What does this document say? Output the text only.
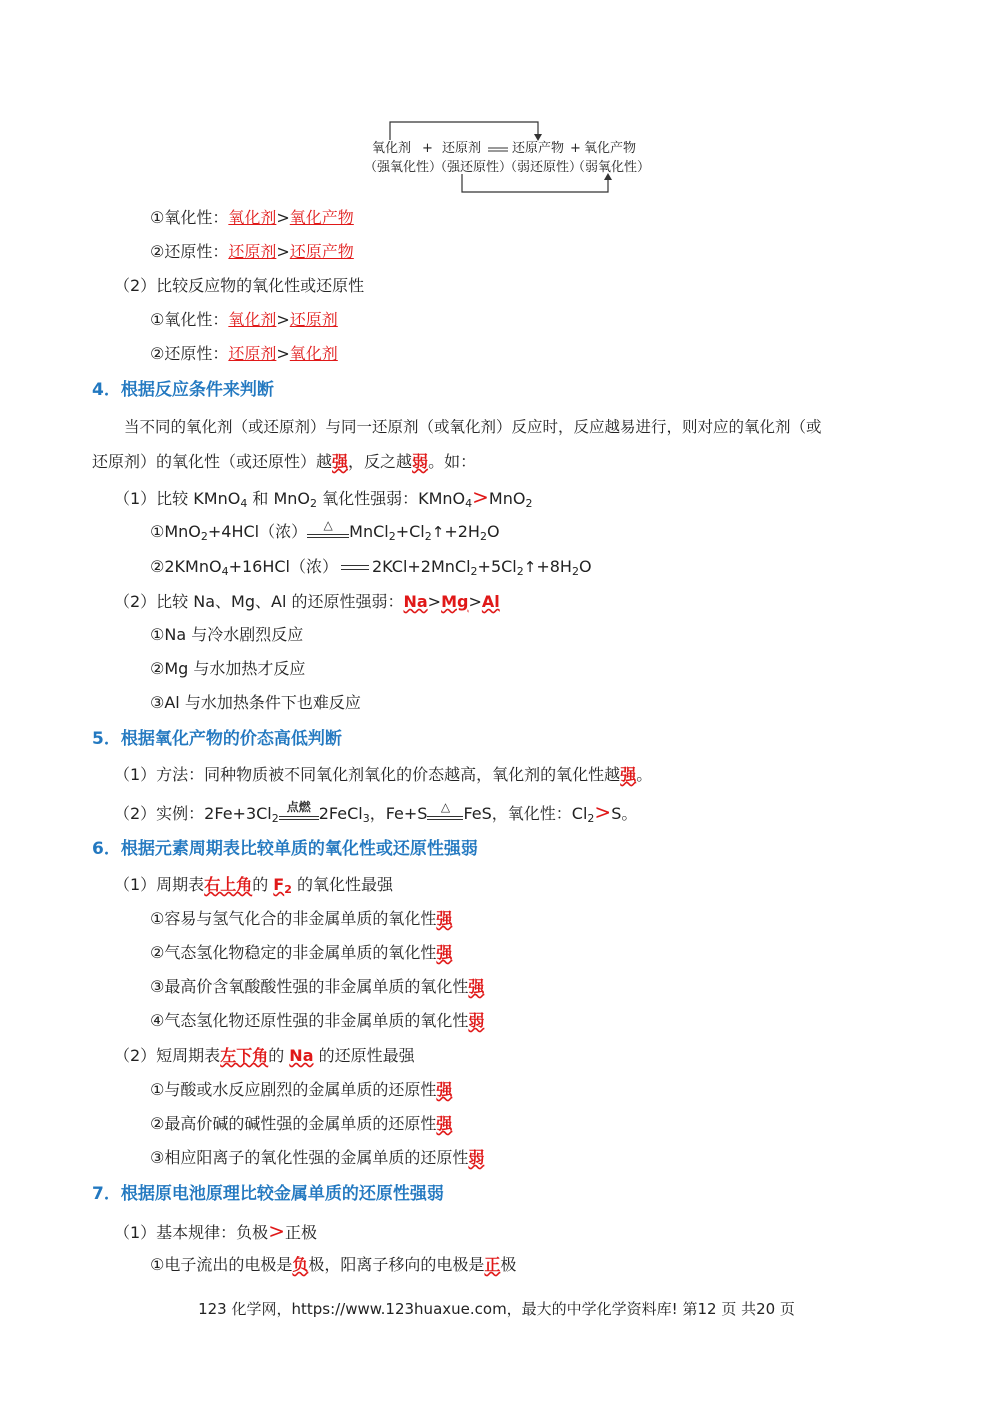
氧化剂 + 还原剂 还原产物 + 氧化产物
（强氧化性）
（强还原性）
（弱还原性）
（弱氧化性）
①氧化性：氧化剂>氧化产物
②还原性：还原剂>还原产物
（2）比较反应物的氧化性或还原性
①氧化性：氧化剂>还原剂
②还原性：还原剂>氧化剂
4．根据反应条件来判断
当不同的氧化剂（或还原剂）与同一还原剂（或氧化剂）反应时，反应越易进行，则对应的氧化剂（或
还原剂）的氧化性（或还原性）越强，反之越弱。如：
（1）比较 KMnO$_4$ 和 MnO$_2$ 氧化性强弱：KMnO$_4$>MnO$_2$
①MnO$_2$+4HCl（浓）	△	$MnCl_2+Cl_2↑+2H_2O$
②2KMnO$_4$+16HCl（浓） $2KCl+2MnCl_2+5Cl_2↑+8H_2O$
（2）比较 Na、Mg、Al 的还原性强弱：Na>Mg>Al
①Na 与冷水剧烈反应
②Mg 与水加热才反应
③Al 与水加热条件下也难反应
5．根据氧化产物的价态高低判断
（1）方法：同种物质被不同氧化剂氧化的价态越高，氧化剂的氧化性越强。
（2）实例：$2Fe+3Cl_2$
点燃 2FeCl$_3$，Fe+S	△ FeS，氧化性：$Cl_2>S$。
6．根据元素周期表比较单质的氧化性或还原性强弱
（1）周期表右上角的 $F_2$ 的氧化性最强
①容易与氢气化合的非金属单质的氧化性强
②气态氢化物稳定的非金属单质的氧化性强
③最高价含氧酸酸性强的非金属单质的氧化性强
④气态氢化物还原性强的非金属单质的氧化性弱
（2）短周期表左下角的 Na 的还原性最强
①与酸或水反应剧烈的金属单质的还原性强
②最高价碱的碱性强的金属单质的还原性强
③相应阳离子的氧化性强的金属单质的还原性弱
7．根据原电池原理比较金属单质的还原性强弱
（1）基本规律：负极>正极
①电子流出的电极是负极，阳离子移向的电极是正极
123 化学网，https://www.123huaxue.com，最大的中学化学资料库! 第12 页 共20 页
